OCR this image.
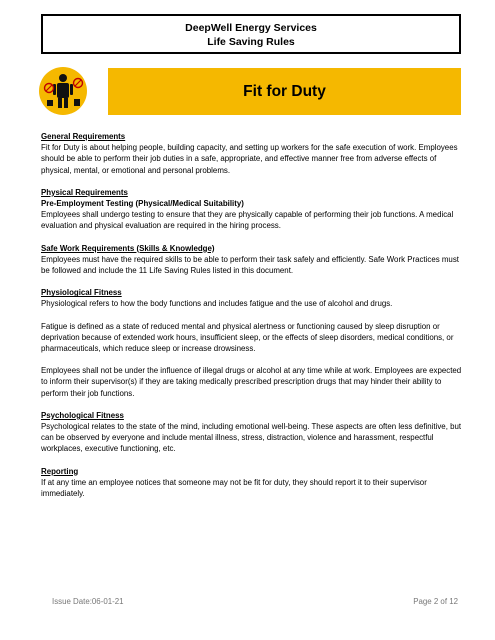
DeepWell Energy Services
Life Saving Rules
Fit for Duty

General Requirements

Fit for Duty is about helping people, building capacity, and setting up workers for the safe execution of work. Employees should be able to perform their job duties in a safe, appropriate, and effective manner free from adverse effects of physical, mental, or emotional and personal problems.

Physical Requirements

Pre-Employment Testing (Physical/Medical Suitability)

Employees shall undergo testing to ensure that they are physically capable of performing their job functions. A medical evaluation and physical evaluation are required in the hiring process.

Safe Work Requirements (Skills & Knowledge)

Employees must have the required skills to be able to perform their task safely and efficiently. Safe Work Practices must be followed and include the 11 Life Saving Rules listed in this document.

Physiological Fitness

Physiological refers to how the body functions and includes fatigue and the use of alcohol and drugs.

Fatigue is defined as a state of reduced mental and physical alertness or functioning caused by sleep disruption or deprivation because of extended work hours, insufficient sleep, or the effects of sleep disorders, medical conditions, or pharmaceuticals, which reduce sleep or increase drowsiness.

Employees shall not be under the influence of illegal drugs or alcohol at any time while at work. Employees are expected to inform their supervisor(s) if they are taking medically prescribed prescription drugs that may hinder their ability to perform their job functions.

Psychological Fitness

Psychological relates to the state of the mind, including emotional well-being. These aspects are often less definitive, but can be observed by everyone and include mental illness, stress, distraction, violence and harassment, respectful workplaces, executive functioning, etc.

Reporting

If at any time an employee notices that someone may not be fit for duty, they should report it to their supervisor immediately.

Issue Date:06-01-21	Page 2 of 12
